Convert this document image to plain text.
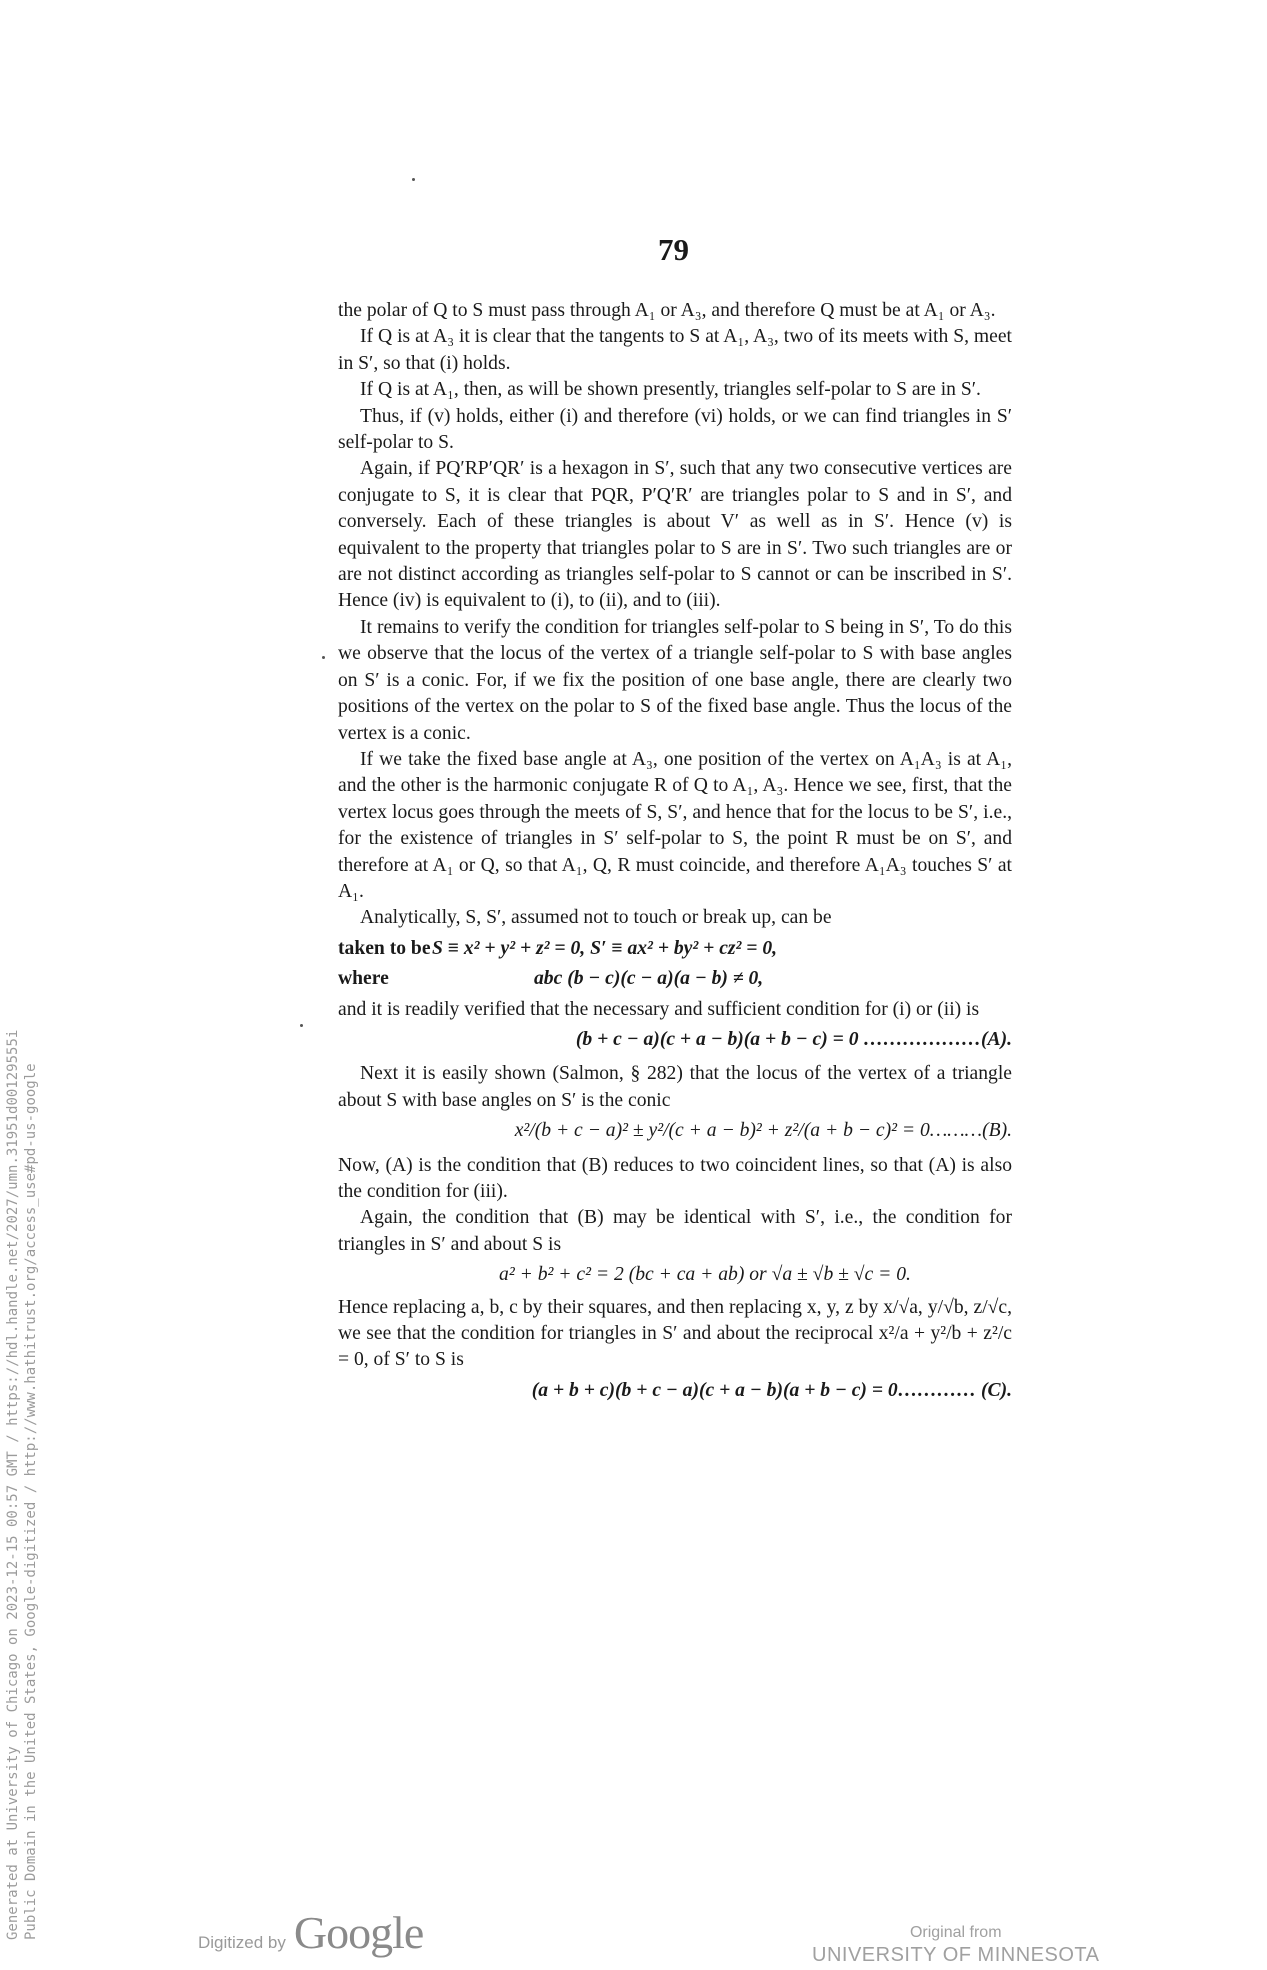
79

the polar of Q to S must pass through A₁ or A₃, and therefore Q must be at A₁ or A₃.

If Q is at A₃ it is clear that the tangents to S at A₁, A₃, two of its meets with S, meet in S′, so that (i) holds.

If Q is at A₁, then, as will be shown presently, triangles self-polar to S are in S′.

Thus, if (v) holds, either (i) and therefore (vi) holds, or we can find triangles in S′ self-polar to S.

Again, if PQ′RP′QR′ is a hexagon in S′, such that any two consecutive vertices are conjugate to S, it is clear that PQR, P′Q′R′ are triangles polar to S and in S′, and conversely. Each of these triangles is about V′ as well as in S′. Hence (v) is equivalent to the property that triangles polar to S are in S′. Two such triangles are or are not distinct according as triangles self-polar to S cannot or can be inscribed in S′. Hence (iv) is equivalent to (i), to (ii), and to (iii).

It remains to verify the condition for triangles self-polar to S being in S′, To do this we observe that the locus of the vertex of a triangle self-polar to S with base angles on S′ is a conic. For, if we fix the position of one base angle, there are clearly two positions of the vertex on the polar to S of the fixed base angle. Thus the locus of the vertex is a conic.

If we take the fixed base angle at A₃, one position of the vertex on A₁A₃ is at A₁, and the other is the harmonic conjugate R of Q to A₁, A₃. Hence we see, first, that the vertex locus goes through the meets of S, S′, and hence that for the locus to be S′, i.e., for the existence of triangles in S′ self-polar to S, the point R must be on S′, and therefore at A₁ or Q, so that A₁, Q, R must coincide, and therefore A₁A₃ touches S′ at A₁.

Analytically, S, S′, assumed not to touch or break up, can be

taken to be S ≡ x² + y² + z² = 0, S′ ≡ ax² + by² + cz² = 0,
where	abc (b − c)(c − a)(a − b) ≠ 0,

and it is readily verified that the necessary and sufficient condition for (i) or (ii) is

(b + c − a)(c + a − b)(a + b − c) = 0 ………………(A).

Next it is easily shown (Salmon, § 282) that the locus of the vertex of a triangle about S with base angles on S′ is the conic

x²/(b + c − a)² ± y²/(c + a − b)² + z²/(a + b − c)² = 0………(B).

Now, (A) is the condition that (B) reduces to two coincident lines, so that (A) is also the condition for (iii).

Again, the condition that (B) may be identical with S′, i.e., the condition for triangles in S′ and about S is

a² + b² + c² = 2 (bc + ca + ab) or √a ± √b ± √c = 0.

Hence replacing a, b, c by their squares, and then replacing x, y, z by x/√a, y/√b, z/√c, we see that the condition for triangles in S′ and about the reciprocal x²/a + y²/b + z²/c = 0, of S′ to S is

(a + b + c)(b + c − a)(c + a − b)(a + b − c) = 0………… (C).
Generated at University of Chicago on 2023-12-15 00:57 GMT / https://hdl.handle.net/2027/umn.31951d00129555i Public Domain in the United States, Google-digitized / http://www.hathitrust.org/access_use#pd-us-google
Digitized by Google	Original from
UNIVERSITY OF MINNESOTA
